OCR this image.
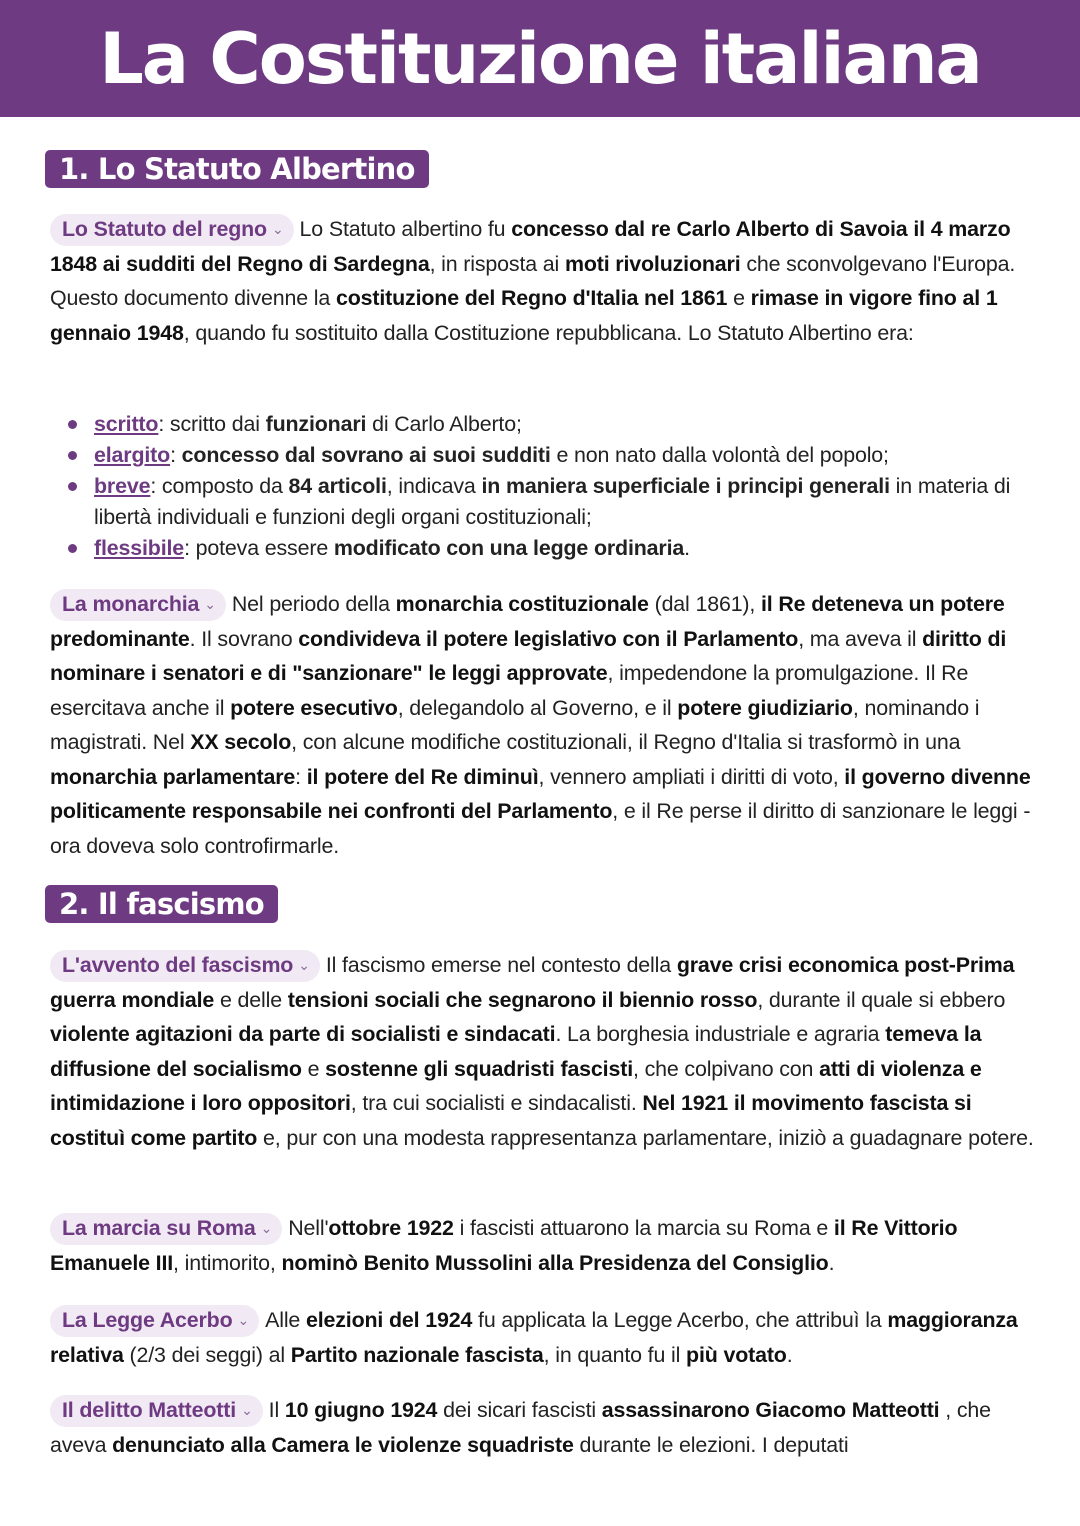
La Costituzione italiana
1. Lo Statuto Albertino

Lo Statuto del regno ⌄ Lo Statuto albertino fu concesso dal re Carlo Alberto di Savoia il 4 marzo 1848 ai sudditi del Regno di Sardegna, in risposta ai moti rivoluzionari che sconvolgevano l'Europa. Questo documento divenne la costituzione del Regno d'Italia nel 1861 e rimase in vigore fino al 1 gennaio 1948, quando fu sostituito dalla Costituzione repubblicana. Lo Statuto Albertino era:

scritto: scritto dai funzionari di Carlo Alberto;
elargito: concesso dal sovrano ai suoi sudditi e non nato dalla volontà del popolo;
breve: composto da 84 articoli, indicava in maniera superficiale i principi generali in materia di libertà individuali e funzioni degli organi costituzionali;
flessibile: poteva essere modificato con una legge ordinaria.

La monarchia ⌄ Nel periodo della monarchia costituzionale (dal 1861), il Re deteneva un potere predominante. Il sovrano condivideva il potere legislativo con il Parlamento, ma aveva il diritto di nominare i senatori e di "sanzionare" le leggi approvate, impedendone la promulgazione. Il Re esercitava anche il potere esecutivo, delegandolo al Governo, e il potere giudiziario, nominando i magistrati. Nel XX secolo, con alcune modifiche costituzionali, il Regno d'Italia si trasformò in una monarchia parlamentare: il potere del Re diminuì, vennero ampliati i diritti di voto, il governo divenne politicamente responsabile nei confronti del Parlamento, e il Re perse il diritto di sanzionare le leggi - ora doveva solo controfirmarle.

2. Il fascismo

L'avvento del fascismo ⌄ Il fascismo emerse nel contesto della grave crisi economica post-Prima guerra mondiale e delle tensioni sociali che segnarono il biennio rosso, durante il quale si ebbero violente agitazioni da parte di socialisti e sindacati. La borghesia industriale e agraria temeva la diffusione del socialismo e sostenne gli squadristi fascisti, che colpivano con atti di violenza e intimidazione i loro oppositori, tra cui socialisti e sindacalisti. Nel 1921 il movimento fascista si costituì come partito e, pur con una modesta rappresentanza parlamentare, iniziò a guadagnare potere.

La marcia su Roma ⌄ Nell'ottobre 1922 i fascisti attuarono la marcia su Roma e il Re Vittorio Emanuele III, intimorito, nominò Benito Mussolini alla Presidenza del Consiglio.

La Legge Acerbo ⌄ Alle elezioni del 1924 fu applicata la Legge Acerbo, che attribuì la maggioranza relativa (2/3 dei seggi) al Partito nazionale fascista, in quanto fu il più votato.

Il delitto Matteotti ⌄ Il 10 giugno 1924 dei sicari fascisti assassinarono Giacomo Matteotti , che aveva denunciato alla Camera le violenze squadriste durante le elezioni. I deputati
